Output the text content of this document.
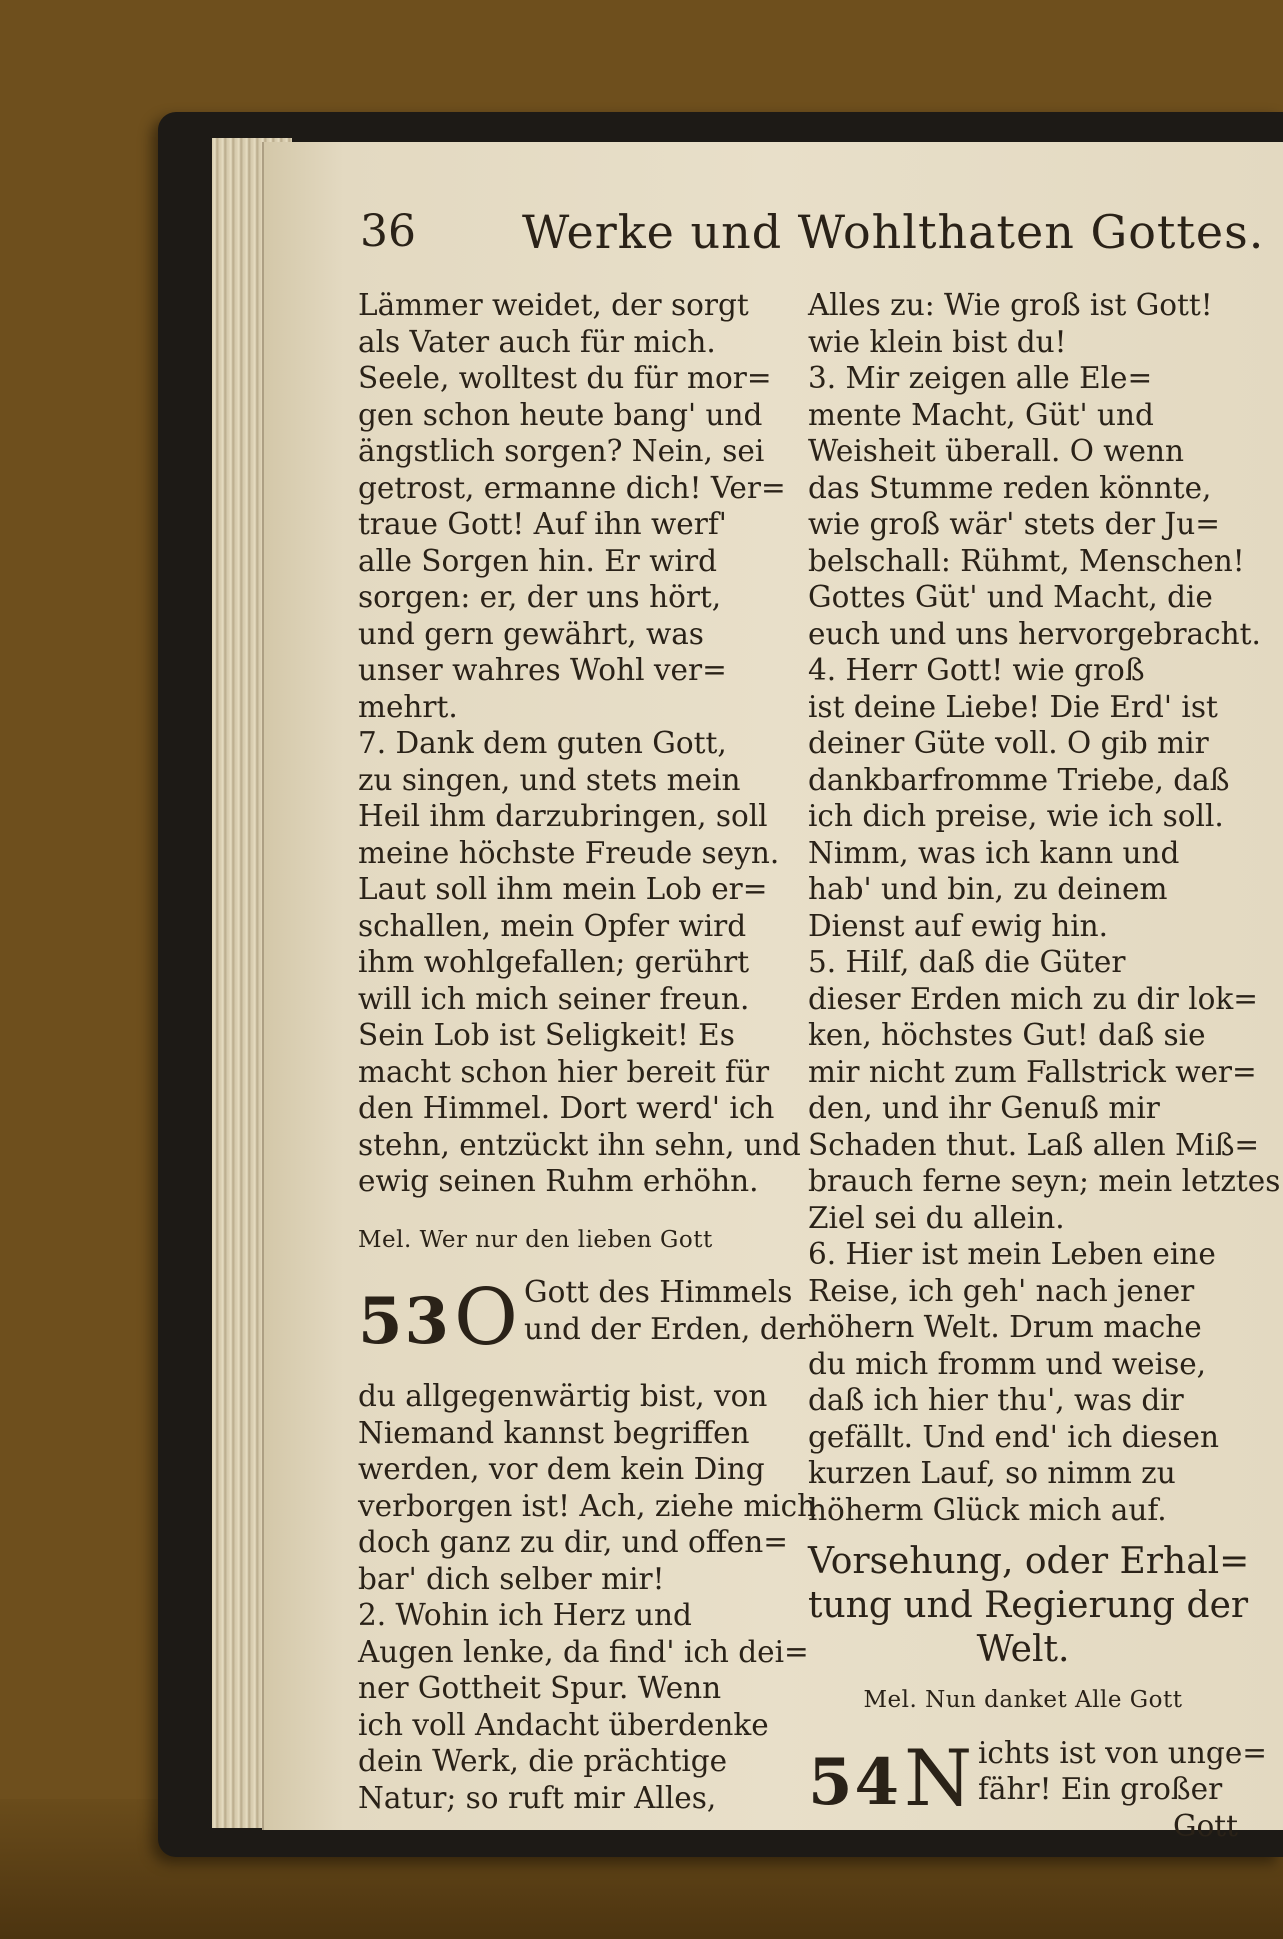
36 Werke und Wohlthaten Gottes.
Lämmer weidet, der sorgt
als Vater auch für mich.
Seele, wolltest du für mor=
gen schon heute bang' und
ängstlich sorgen? Nein, sei
getrost, ermanne dich! Ver=
traue Gott! Auf ihn werf'
alle Sorgen hin. Er wird
sorgen: er, der uns hört,
und gern gewährt, was
unser wahres Wohl ver=
mehrt.
7. Dank dem guten Gott,
zu singen, und stets mein
Heil ihm darzubringen, soll
meine höchste Freude seyn.
Laut soll ihm mein Lob er=
schallen, mein Opfer wird
ihm wohlgefallen; gerührt
will ich mich seiner freun.
Sein Lob ist Seligkeit! Es
macht schon hier bereit für
den Himmel. Dort werd' ich
stehn, entzückt ihn sehn, und
ewig seinen Ruhm erhöhn.
Mel. Wer nur den lieben Gott
53 O Gott des Himmels
und der Erden, der
du allgegenwärtig bist, von
Niemand kannst begriffen
werden, vor dem kein Ding
verborgen ist! Ach, ziehe mich
doch ganz zu dir, und offen=
bar' dich selber mir!
2. Wohin ich Herz und
Augen lenke, da find' ich dei=
ner Gottheit Spur. Wenn
ich voll Andacht überdenke
dein Werk, die prächtige
Natur; so ruft mir Alles,
Alles zu: Wie groß ist Gott!
wie klein bist du!
3. Mir zeigen alle Ele=
mente Macht, Güt' und
Weisheit überall. O wenn
das Stumme reden könnte,
wie groß wär' stets der Ju=
belschall: Rühmt, Menschen!
Gottes Güt' und Macht, die
euch und uns hervorgebracht.
4. Herr Gott! wie groß
ist deine Liebe! Die Erd' ist
deiner Güte voll. O gib mir
dankbarfromme Triebe, daß
ich dich preise, wie ich soll.
Nimm, was ich kann und
hab' und bin, zu deinem
Dienst auf ewig hin.
5. Hilf, daß die Güter
dieser Erden mich zu dir lok=
ken, höchstes Gut! daß sie
mir nicht zum Fallstrick wer=
den, und ihr Genuß mir
Schaden thut. Laß allen Miß=
brauch ferne seyn; mein letztes
Ziel sei du allein.
6. Hier ist mein Leben eine
Reise, ich geh' nach jener
höhern Welt. Drum mache
du mich fromm und weise,
daß ich hier thu', was dir
gefällt. Und end' ich diesen
kurzen Lauf, so nimm zu
höherm Glück mich auf.
Vorsehung, oder Erhal=
tung und Regierung der
Welt.
Mel. Nun danket Alle Gott
54 N ichts ist von unge=
fähr! Ein großer
Gott
